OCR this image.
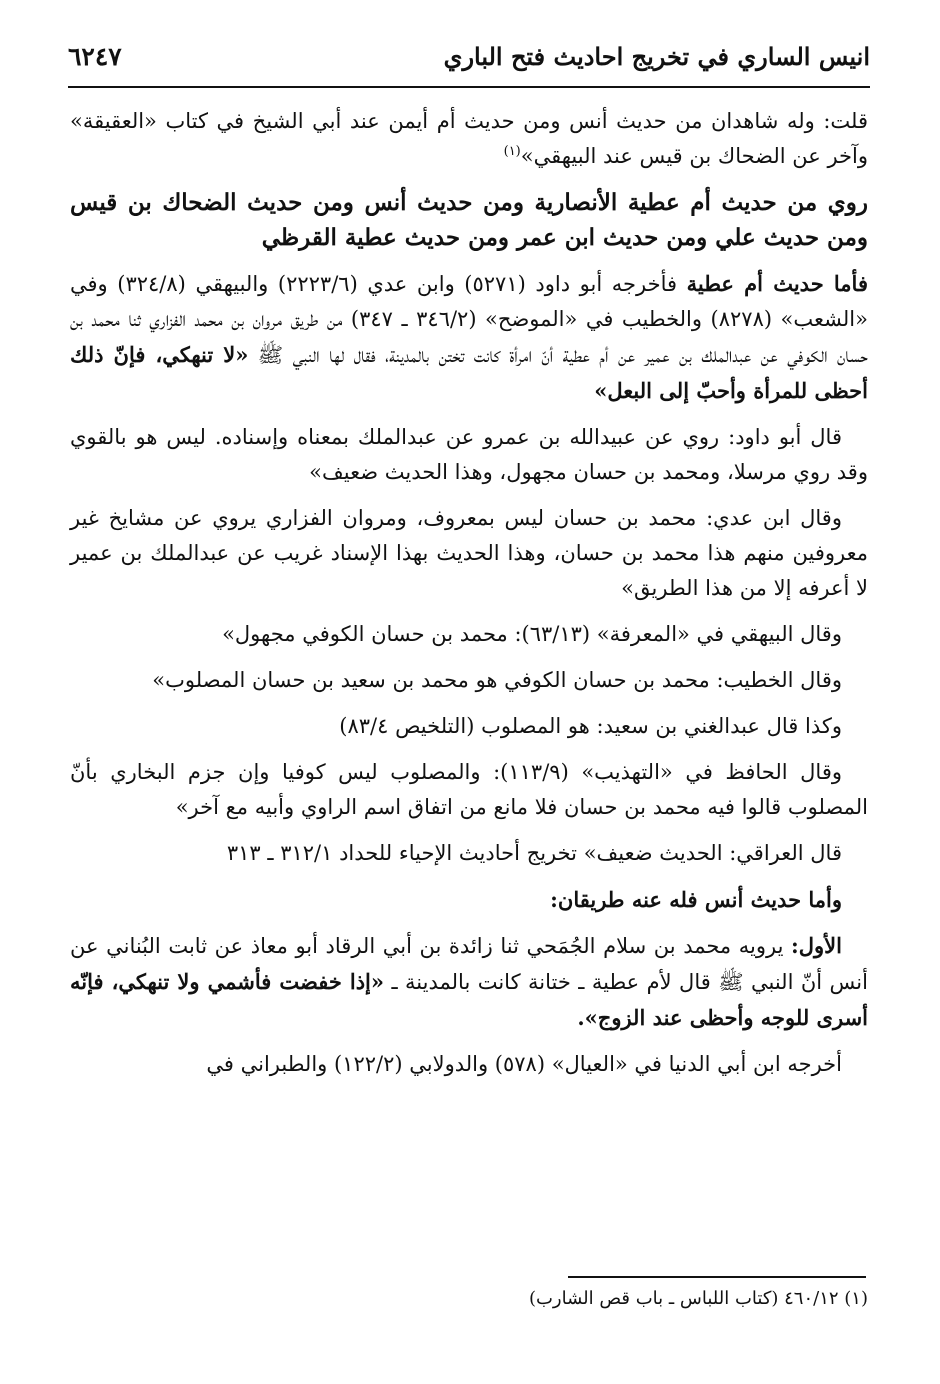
انيس الساري في تخريج احاديث فتح الباري
٦٢٤٧

قلت: وله شاهدان من حديث أنس ومن حديث أم أيمن عند أبي الشيخ في كتاب «العقيقة» وآخر عن الضحاك بن قيس عند البيهقي»$^{(١)}$

روي من حديث أم عطية الأنصارية ومن حديث أنس ومن حديث الضحاك بن قيس ومن حديث علي ومن حديث ابن عمر ومن حديث عطية القرظي

فأما حديث أم عطية فأخرجه أبو داود (٥٢٧١) وابن عدي (٢٢٢٣/٦) والبيهقي (٣٢٤/٨) وفي «الشعب» (٨٢٧٨) والخطيب في «الموضح» (٣٤٦/٢ ـ ٣٤٧) من طريق مروان بن محمد الفزاري ثنا محمد بن حسان الكوفي عن عبدالملك بن عمير عن أم عطية أنّ امرأة كانت تختن بالمدينة، فقال لها النبي ﷺ «لا تنهكي، فإنّ ذلك أحظى للمرأة وأحبّ إلى البعل»

قال أبو داود: روي عن عبيدالله بن عمرو عن عبدالملك بمعناه وإسناده. ليس هو بالقوي وقد روي مرسلا، ومحمد بن حسان مجهول، وهذا الحديث ضعيف»

وقال ابن عدي: محمد بن حسان ليس بمعروف، ومروان الفزاري يروي عن مشايخ غير معروفين منهم هذا محمد بن حسان، وهذا الحديث بهذا الإسناد غريب عن عبدالملك بن عمير لا أعرفه إلا من هذا الطريق»

وقال البيهقي في «المعرفة» (٦٣/١٣): محمد بن حسان الكوفي مجهول»

وقال الخطيب: محمد بن حسان الكوفي هو محمد بن سعيد بن حسان المصلوب»

وكذا قال عبدالغني بن سعيد: هو المصلوب (التلخيص ٨٣/٤)

وقال الحافظ في «التهذيب» (١١٣/٩): والمصلوب ليس كوفيا وإن جزم البخاري بأنّ المصلوب قالوا فيه محمد بن حسان فلا مانع من اتفاق اسم الراوي وأبيه مع آخر»

قال العراقي: الحديث ضعيف» تخريج أحاديث الإحياء للحداد ٣١٢/١ ـ ٣١٣

وأما حديث أنس فله عنه طريقان:

الأول: يرويه محمد بن سلام الجُمَحي ثنا زائدة بن أبي الرقاد أبو معاذ عن ثابت البُناني عن أنس أنّ النبي ﷺ قال لأم عطية ـ ختانة كانت بالمدينة ـ «إذا خفضت فأشمي ولا تنهكي، فإنّه أسرى للوجه وأحظى عند الزوج».

أخرجه ابن أبي الدنيا في «العيال» (٥٧٨) والدولابي (١٢٢/٢) والطبراني في

(١) ٤٦٠/١٢ (كتاب اللباس ـ باب قص الشارب)
